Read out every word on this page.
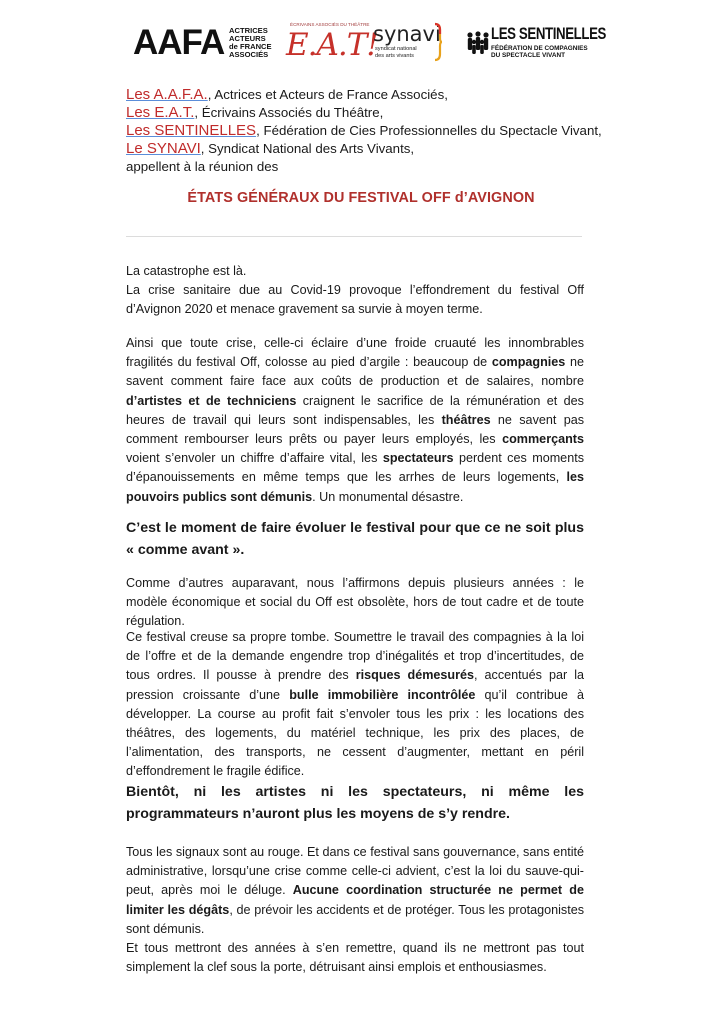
AAFA ACTRICES
ACTEURS
de FRANCE
ASSOCIÉS
ÉCRIVAINS ASSOCIÉS DU THÉÂTRE
E.A.T!
synavi
syndicat national
des arts vivants
LES SENTINELLES
FÉDÉRATION DE COMPAGNIES
DU SPECTACLE VIVANT
Les A.A.F.A., Actrices et Acteurs de France Associés,
Les E.A.T., Écrivains Associés du Théâtre,
Les SENTINELLES, Fédération de Cies Professionnelles du Spectacle Vivant,
Le SYNAVI, Syndicat National des Arts Vivants,
appellent à la réunion des
ÉTATS GÉNÉRAUX DU FESTIVAL OFF d’AVIGNON
La catastrophe est là.
La crise sanitaire due au Covid-19 provoque l’effondrement du festival Off d’Avignon 2020 et menace gravement sa survie à moyen terme.

Ainsi que toute crise, celle-ci éclaire d’une froide cruauté les innombrables fragilités du festival Off, colosse au pied d’argile : beaucoup de compagnies ne savent comment faire face aux coûts de production et de salaires, nombre d’artistes et de techniciens craignent le sacrifice de la rémunération et des heures de travail qui leurs sont indispensables, les théâtres ne savent pas comment rembourser leurs prêts ou payer leurs employés, les commerçants voient s’envoler un chiffre d’affaire vital, les spectateurs perdent ces moments d’épanouissements en même temps que les arrhes de leurs logements, les pouvoirs publics sont démunis. Un monumental désastre.

C’est le moment de faire évoluer le festival pour que ce ne soit plus « comme avant ».

Comme d’autres auparavant, nous l’affirmons depuis plusieurs années : le modèle économique et social du Off est obsolète, hors de tout cadre et de toute régulation.

Ce festival creuse sa propre tombe. Soumettre le travail des compagnies à la loi de l’offre et de la demande engendre trop d’inégalités et trop d’incertitudes, de tous ordres. Il pousse à prendre des risques démesurés, accentués par la pression croissante d’une bulle immobilière incontrôlée qu’il contribue à développer. La course au profit fait s’envoler tous les prix : les locations des théâtres, des logements, du matériel technique, les prix des places, de l’alimentation, des transports, ne cessent d’augmenter, mettant en péril d’effondrement le fragile édifice.

Bientôt, ni les artistes ni les spectateurs, ni même les programmateurs n’auront plus les moyens de s’y rendre.

Tous les signaux sont au rouge. Et dans ce festival sans gouvernance, sans entité administrative, lorsqu’une crise comme celle-ci advient, c’est la loi du sauve-qui-peut, après moi le déluge. Aucune coordination structurée ne permet de limiter les dégâts, de prévoir les accidents et de protéger. Tous les protagonistes sont démunis.
Et tous mettront des années à s’en remettre, quand ils ne mettront pas tout simplement la clef sous la porte, détruisant ainsi emplois et enthousiasmes.
